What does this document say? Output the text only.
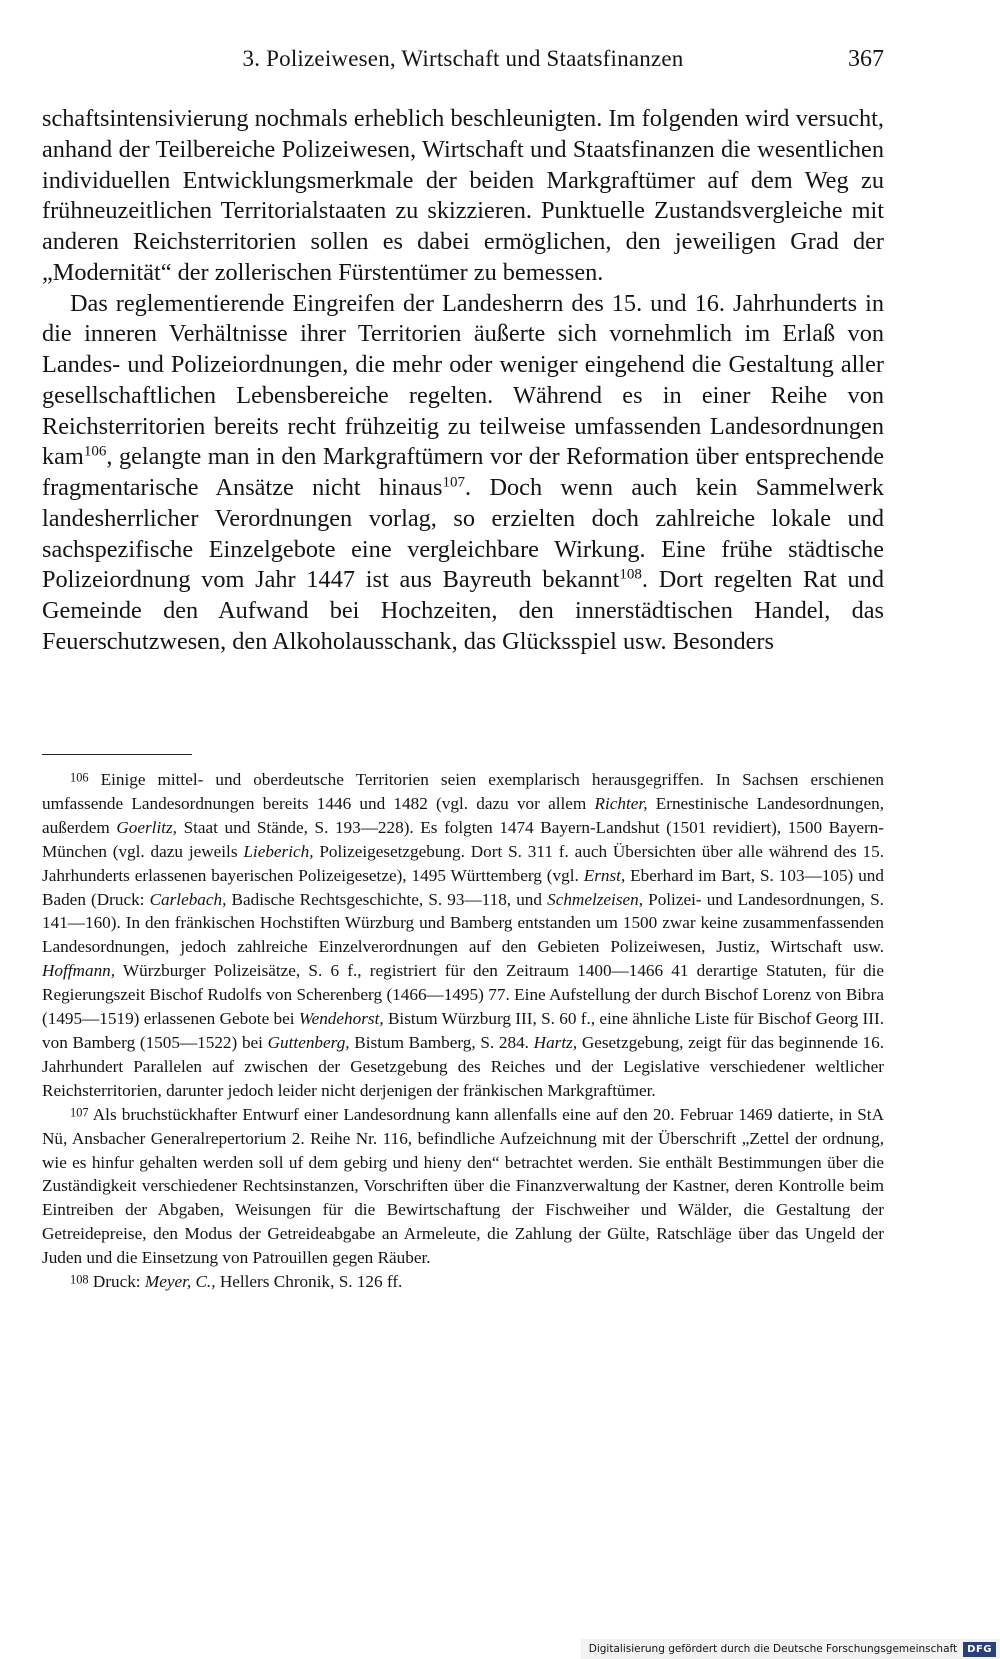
3. Polizeiwesen, Wirtschaft und Staatsfinanzen	367

schaftsintensivierung nochmals erheblich beschleunigten. Im folgenden wird versucht, anhand der Teilbereiche Polizeiwesen, Wirtschaft und Staatsfinanzen die wesentlichen individuellen Entwicklungsmerkmale der beiden Markgraftümer auf dem Weg zu frühneuzeitlichen Territorialstaaten zu skizzieren. Punktuelle Zustandsvergleiche mit anderen Reichsterritorien sollen es dabei ermöglichen, den jeweiligen Grad der „Modernität“ der zollerischen Fürstentümer zu bemessen.

Das reglementierende Eingreifen der Landesherrn des 15. und 16. Jahrhunderts in die inneren Verhältnisse ihrer Territorien äußerte sich vornehmlich im Erlaß von Landes- und Polizeiordnungen, die mehr oder weniger eingehend die Gestaltung aller gesellschaftlichen Lebensbereiche regelten. Während es in einer Reihe von Reichsterritorien bereits recht frühzeitig zu teilweise umfassenden Landesordnungen kam$^{106}$, gelangte man in den Markgraftümern vor der Reformation über entsprechende fragmentarische Ansätze nicht hinaus$^{107}$. Doch wenn auch kein Sammelwerk landesherrlicher Verordnungen vorlag, so erzielten doch zahlreiche lokale und sachspezifische Einzelgebote eine vergleichbare Wirkung. Eine frühe städtische Polizeiordnung vom Jahr 1447 ist aus Bayreuth bekannt$^{108}$. Dort regelten Rat und Gemeinde den Aufwand bei Hochzeiten, den innerstädtischen Handel, das Feuerschutzwesen, den Alkoholausschank, das Glücksspiel usw. Besonders

$^{106}$ Einige mittel- und oberdeutsche Territorien seien exemplarisch herausgegriffen. In Sachsen erschienen umfassende Landesordnungen bereits 1446 und 1482 (vgl. dazu vor allem Richter, Ernestinische Landesordnungen, außerdem Goerlitz, Staat und Stände, S. 193—228). Es folgten 1474 Bayern-Landshut (1501 revidiert), 1500 Bayern-München (vgl. dazu jeweils Lieberich, Polizeigesetzgebung. Dort S. 311 f. auch Übersichten über alle während des 15. Jahrhunderts erlassenen bayerischen Polizeigesetze), 1495 Württemberg (vgl. Ernst, Eberhard im Bart, S. 103—105) und Baden (Druck: Carlebach, Badische Rechtsgeschichte, S. 93—118, und Schmelzeisen, Polizei- und Landesordnungen, S. 141—160). In den fränkischen Hochstiften Würzburg und Bamberg entstanden um 1500 zwar keine zusammenfassenden Landesordnungen, jedoch zahlreiche Einzelverordnungen auf den Gebieten Polizeiwesen, Justiz, Wirtschaft usw. Hoffmann, Würzburger Polizeisätze, S. 6 f., registriert für den Zeitraum 1400—1466 41 derartige Statuten, für die Regierungszeit Bischof Rudolfs von Scherenberg (1466—1495) 77. Eine Aufstellung der durch Bischof Lorenz von Bibra (1495—1519) erlassenen Gebote bei Wendehorst, Bistum Würzburg III, S. 60 f., eine ähnliche Liste für Bischof Georg III. von Bamberg (1505—1522) bei Guttenberg, Bistum Bamberg, S. 284. Hartz, Gesetzgebung, zeigt für das beginnende 16. Jahrhundert Parallelen auf zwischen der Gesetzgebung des Reiches und der Legislative verschiedener weltlicher Reichsterritorien, darunter jedoch leider nicht derjenigen der fränkischen Markgraftümer.

$^{107}$ Als bruchstückhafter Entwurf einer Landesordnung kann allenfalls eine auf den 20. Februar 1469 datierte, in StA Nü, Ansbacher Generalrepertorium 2. Reihe Nr. 116, befindliche Aufzeichnung mit der Überschrift „Zettel der ordnung, wie es hinfur gehalten werden soll uf dem gebirg und hieny den“ betrachtet werden. Sie enthält Bestimmungen über die Zuständigkeit verschiedener Rechtsinstanzen, Vorschriften über die Finanzverwaltung der Kastner, deren Kontrolle beim Eintreiben der Abgaben, Weisungen für die Bewirtschaftung der Fischweiher und Wälder, die Gestaltung der Getreidepreise, den Modus der Getreideabgabe an Armeleute, die Zahlung der Gülte, Ratschläge über das Ungeld der Juden und die Einsetzung von Patrouillen gegen Räuber.

$^{108}$ Druck: Meyer, C., Hellers Chronik, S. 126 ff.

Digitalisierung gefördert durch die Deutsche Forschungsgemeinschaft	DFG
